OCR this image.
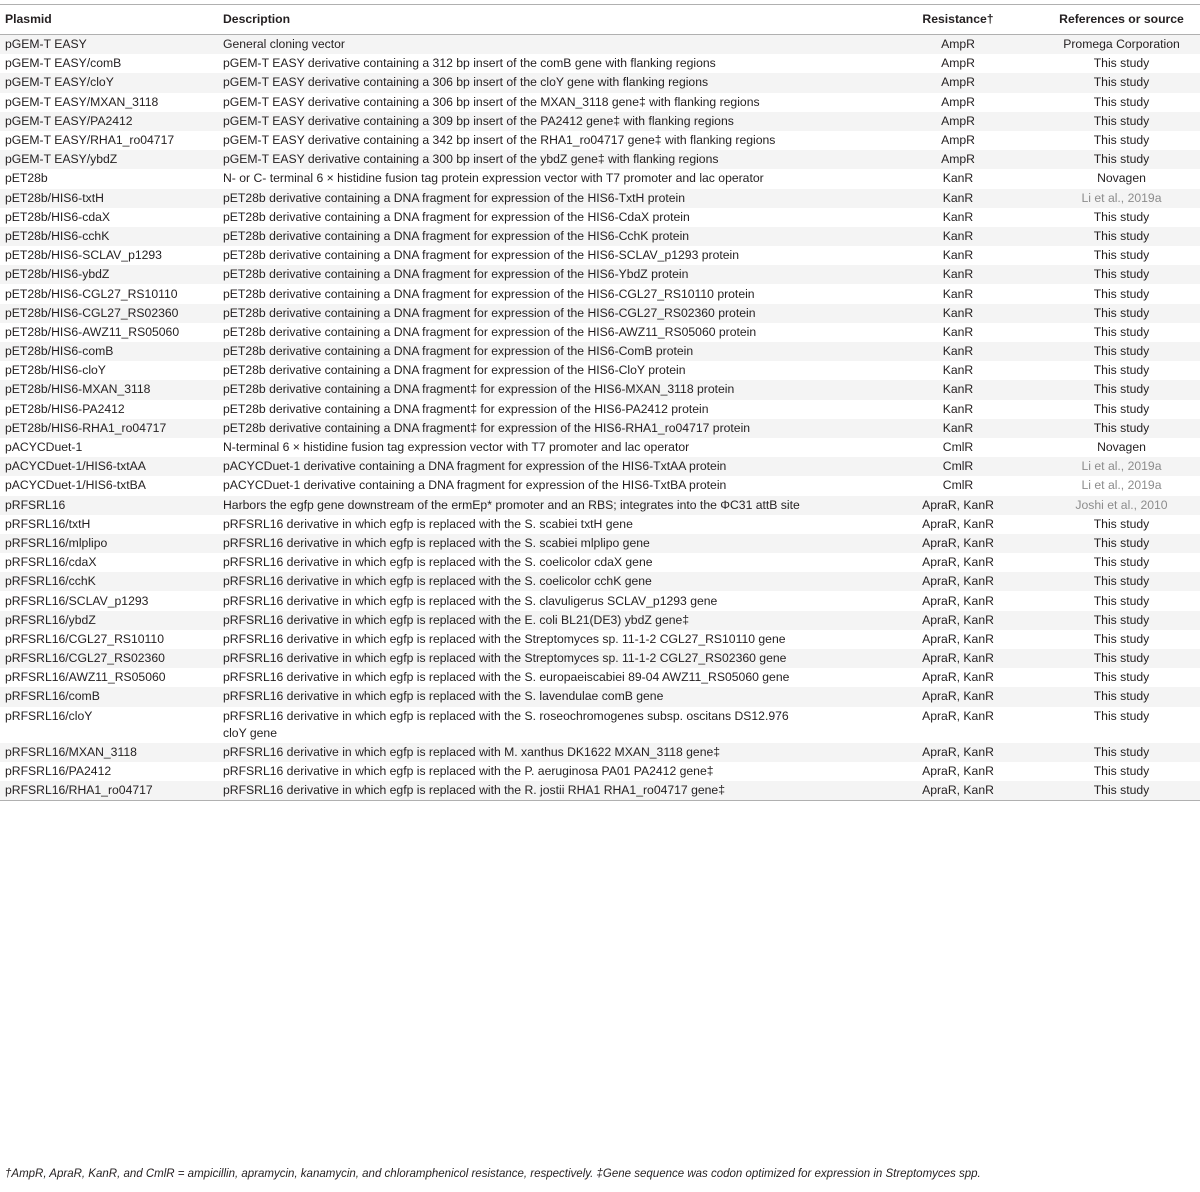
Plasmid	Description	Resistance†	References or source
pGEM-T EASY	General cloning vector	AmpR	Promega Corporation
pGEM-T EASY/comB	pGEM-T EASY derivative containing a 312 bp insert of the comB gene with flanking regions	AmpR	This study
pGEM-T EASY/cloY	pGEM-T EASY derivative containing a 306 bp insert of the cloY gene with flanking regions	AmpR	This study
pGEM-T EASY/MXAN_3118	pGEM-T EASY derivative containing a 306 bp insert of the MXAN_3118 gene‡ with flanking regions	AmpR	This study
pGEM-T EASY/PA2412	pGEM-T EASY derivative containing a 309 bp insert of the PA2412 gene‡ with flanking regions	AmpR	This study
pGEM-T EASY/RHA1_ro04717	pGEM-T EASY derivative containing a 342 bp insert of the RHA1_ro04717 gene‡ with flanking regions	AmpR	This study
pGEM-T EASY/ybdZ	pGEM-T EASY derivative containing a 300 bp insert of the ybdZ gene‡ with flanking regions	AmpR	This study
pET28b	N- or C- terminal 6 × histidine fusion tag protein expression vector with T7 promoter and lac operator	KanR	Novagen
pET28b/HIS6-txtH	pET28b derivative containing a DNA fragment for expression of the HIS6-TxtH protein	KanR	Li et al., 2019a
pET28b/HIS6-cdaX	pET28b derivative containing a DNA fragment for expression of the HIS6-CdaX protein	KanR	This study
pET28b/HIS6-cchK	pET28b derivative containing a DNA fragment for expression of the HIS6-CchK protein	KanR	This study
pET28b/HIS6-SCLAV_p1293	pET28b derivative containing a DNA fragment for expression of the HIS6-SCLAV_p1293 protein	KanR	This study
pET28b/HIS6-ybdZ	pET28b derivative containing a DNA fragment for expression of the HIS6-YbdZ protein	KanR	This study
pET28b/HIS6-CGL27_RS10110	pET28b derivative containing a DNA fragment for expression of the HIS6-CGL27_RS10110 protein	KanR	This study
pET28b/HIS6-CGL27_RS02360	pET28b derivative containing a DNA fragment for expression of the HIS6-CGL27_RS02360 protein	KanR	This study
pET28b/HIS6-AWZ11_RS05060	pET28b derivative containing a DNA fragment for expression of the HIS6-AWZ11_RS05060 protein	KanR	This study
pET28b/HIS6-comB	pET28b derivative containing a DNA fragment for expression of the HIS6-ComB protein	KanR	This study
pET28b/HIS6-cloY	pET28b derivative containing a DNA fragment for expression of the HIS6-CloY protein	KanR	This study
pET28b/HIS6-MXAN_3118	pET28b derivative containing a DNA fragment‡ for expression of the HIS6-MXAN_3118 protein	KanR	This study
pET28b/HIS6-PA2412	pET28b derivative containing a DNA fragment‡ for expression of the HIS6-PA2412 protein	KanR	This study
pET28b/HIS6-RHA1_ro04717	pET28b derivative containing a DNA fragment‡ for expression of the HIS6-RHA1_ro04717 protein	KanR	This study
pACYCDuet-1	N-terminal 6 × histidine fusion tag expression vector with T7 promoter and lac operator	CmlR	Novagen
pACYCDuet-1/HIS6-txtAA	pACYCDuet-1 derivative containing a DNA fragment for expression of the HIS6-TxtAA protein	CmlR	Li et al., 2019a
pACYCDuet-1/HIS6-txtBA	pACYCDuet-1 derivative containing a DNA fragment for expression of the HIS6-TxtBA protein	CmlR	Li et al., 2019a
pRFSRL16	Harbors the egfp gene downstream of the ermEp* promoter and an RBS; integrates into the ΦC31 attB site	AprаR, KanR	Joshi et al., 2010
pRFSRL16/txtH	pRFSRL16 derivative in which egfp is replaced with the S. scabiei txtH gene	AprаR, KanR	This study
pRFSRL16/mlplipo	pRFSRL16 derivative in which egfp is replaced with the S. scabiei mlplipo gene	AprаR, KanR	This study
pRFSRL16/cdaX	pRFSRL16 derivative in which egfp is replaced with the S. coelicolor cdaX gene	AprаR, KanR	This study
pRFSRL16/cchK	pRFSRL16 derivative in which egfp is replaced with the S. coelicolor cchK gene	AprаR, KanR	This study
pRFSRL16/SCLAV_p1293	pRFSRL16 derivative in which egfp is replaced with the S. clavuligerus SCLAV_p1293 gene	AprаR, KanR	This study
pRFSRL16/ybdZ	pRFSRL16 derivative in which egfp is replaced with the E. coli BL21(DE3) ybdZ gene‡	AprаR, KanR	This study
pRFSRL16/CGL27_RS10110	pRFSRL16 derivative in which egfp is replaced with the Streptomyces sp. 11-1-2 CGL27_RS10110 gene	AprаR, KanR	This study
pRFSRL16/CGL27_RS02360	pRFSRL16 derivative in which egfp is replaced with the Streptomyces sp. 11-1-2 CGL27_RS02360 gene	AprаR, KanR	This study
pRFSRL16/AWZ11_RS05060	pRFSRL16 derivative in which egfp is replaced with the S. europaeiscabiei 89-04 AWZ11_RS05060 gene	AprаR, KanR	This study
pRFSRL16/comB	pRFSRL16 derivative in which egfp is replaced with the S. lavendulae comB gene	AprаR, KanR	This study
pRFSRL16/cloY	pRFSRL16 derivative in which egfp is replaced with the S. roseochromogenes subsp. oscitans DS12.976 cloY gene	AprаR, KanR	This study
pRFSRL16/MXAN_3118	pRFSRL16 derivative in which egfp is replaced with M. xanthus DK1622 MXAN_3118 gene‡	AprаR, KanR	This study
pRFSRL16/PA2412	pRFSRL16 derivative in which egfp is replaced with the P. aeruginosa PA01 PA2412 gene‡	AprаR, KanR	This study
pRFSRL16/RHA1_ro04717	pRFSRL16 derivative in which egfp is replaced with the R. jostii RHA1 RHA1_ro04717 gene‡	AprаR, KanR	This study
†AmpR, ApraR, KanR, and CmlR = ampicillin, apramycin, kanamycin, and chloramphenicol resistance, respectively. ‡Gene sequence was codon optimized for expression in Streptomyces spp.
